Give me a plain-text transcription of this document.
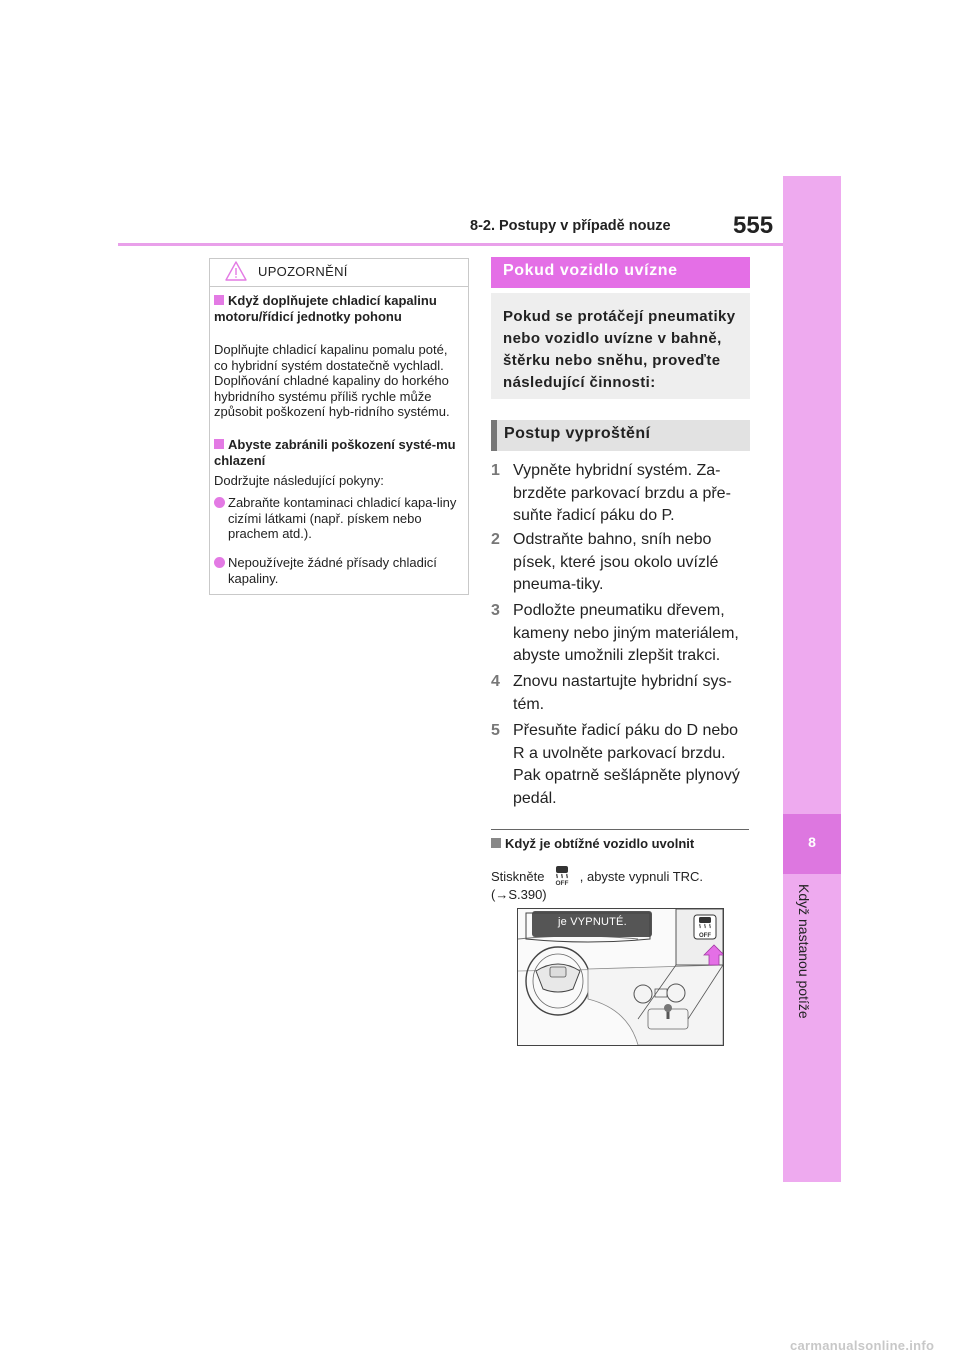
8-2. Postupy v případě nouze	555
8
Když nastanou potíže
UPOZORNĚNÍ
Když doplňujete chladicí kapalinu motoru/řídicí jednotky pohonu
Doplňujte chladicí kapalinu pomalu poté, co hybridní systém dostatečně vychladl. Doplňování chladné kapaliny do horkého hybridního systému příliš rychle může způsobit poškození hyb-ridního systému.
Abyste zabránili poškození systé-mu chlazení
Dodržujte následující pokyny:
Zabraňte kontaminaci chladicí kapa-liny cizími látkami (např. pískem nebo prachem atd.).
Nepoužívejte žádné přísady chladicí kapaliny.
Pokud vozidlo uvízne
Pokud se protáčejí pneumatiky nebo vozidlo uvízne v bahně, štěrku nebo sněhu, proveďte následující činnosti:
Postup vyproštění
1 Vypněte hybridní systém. Za-brzděte parkovací brzdu a pře-suňte řadicí páku do P.
2 Odstraňte bahno, sníh nebo písek, které jsou okolo uvízlé pneuma-tiky.
3 Podložte pneumatiku dřevem, kameny nebo jiným materiálem, abyste umožnili zlepšit trakci.
4 Znovu nastartujte hybridní sys-tém.
5 Přesuňte řadicí páku do D nebo R a uvolněte parkovací brzdu. Pak opatrně sešlápněte plynový pedál.
Když je obtížné vozidlo uvolnit
Stiskněte OFF , abyste vypnuli TRC.
(→S.390)
OFF
je VYPNUTÉ.
carmanualsonline.info
